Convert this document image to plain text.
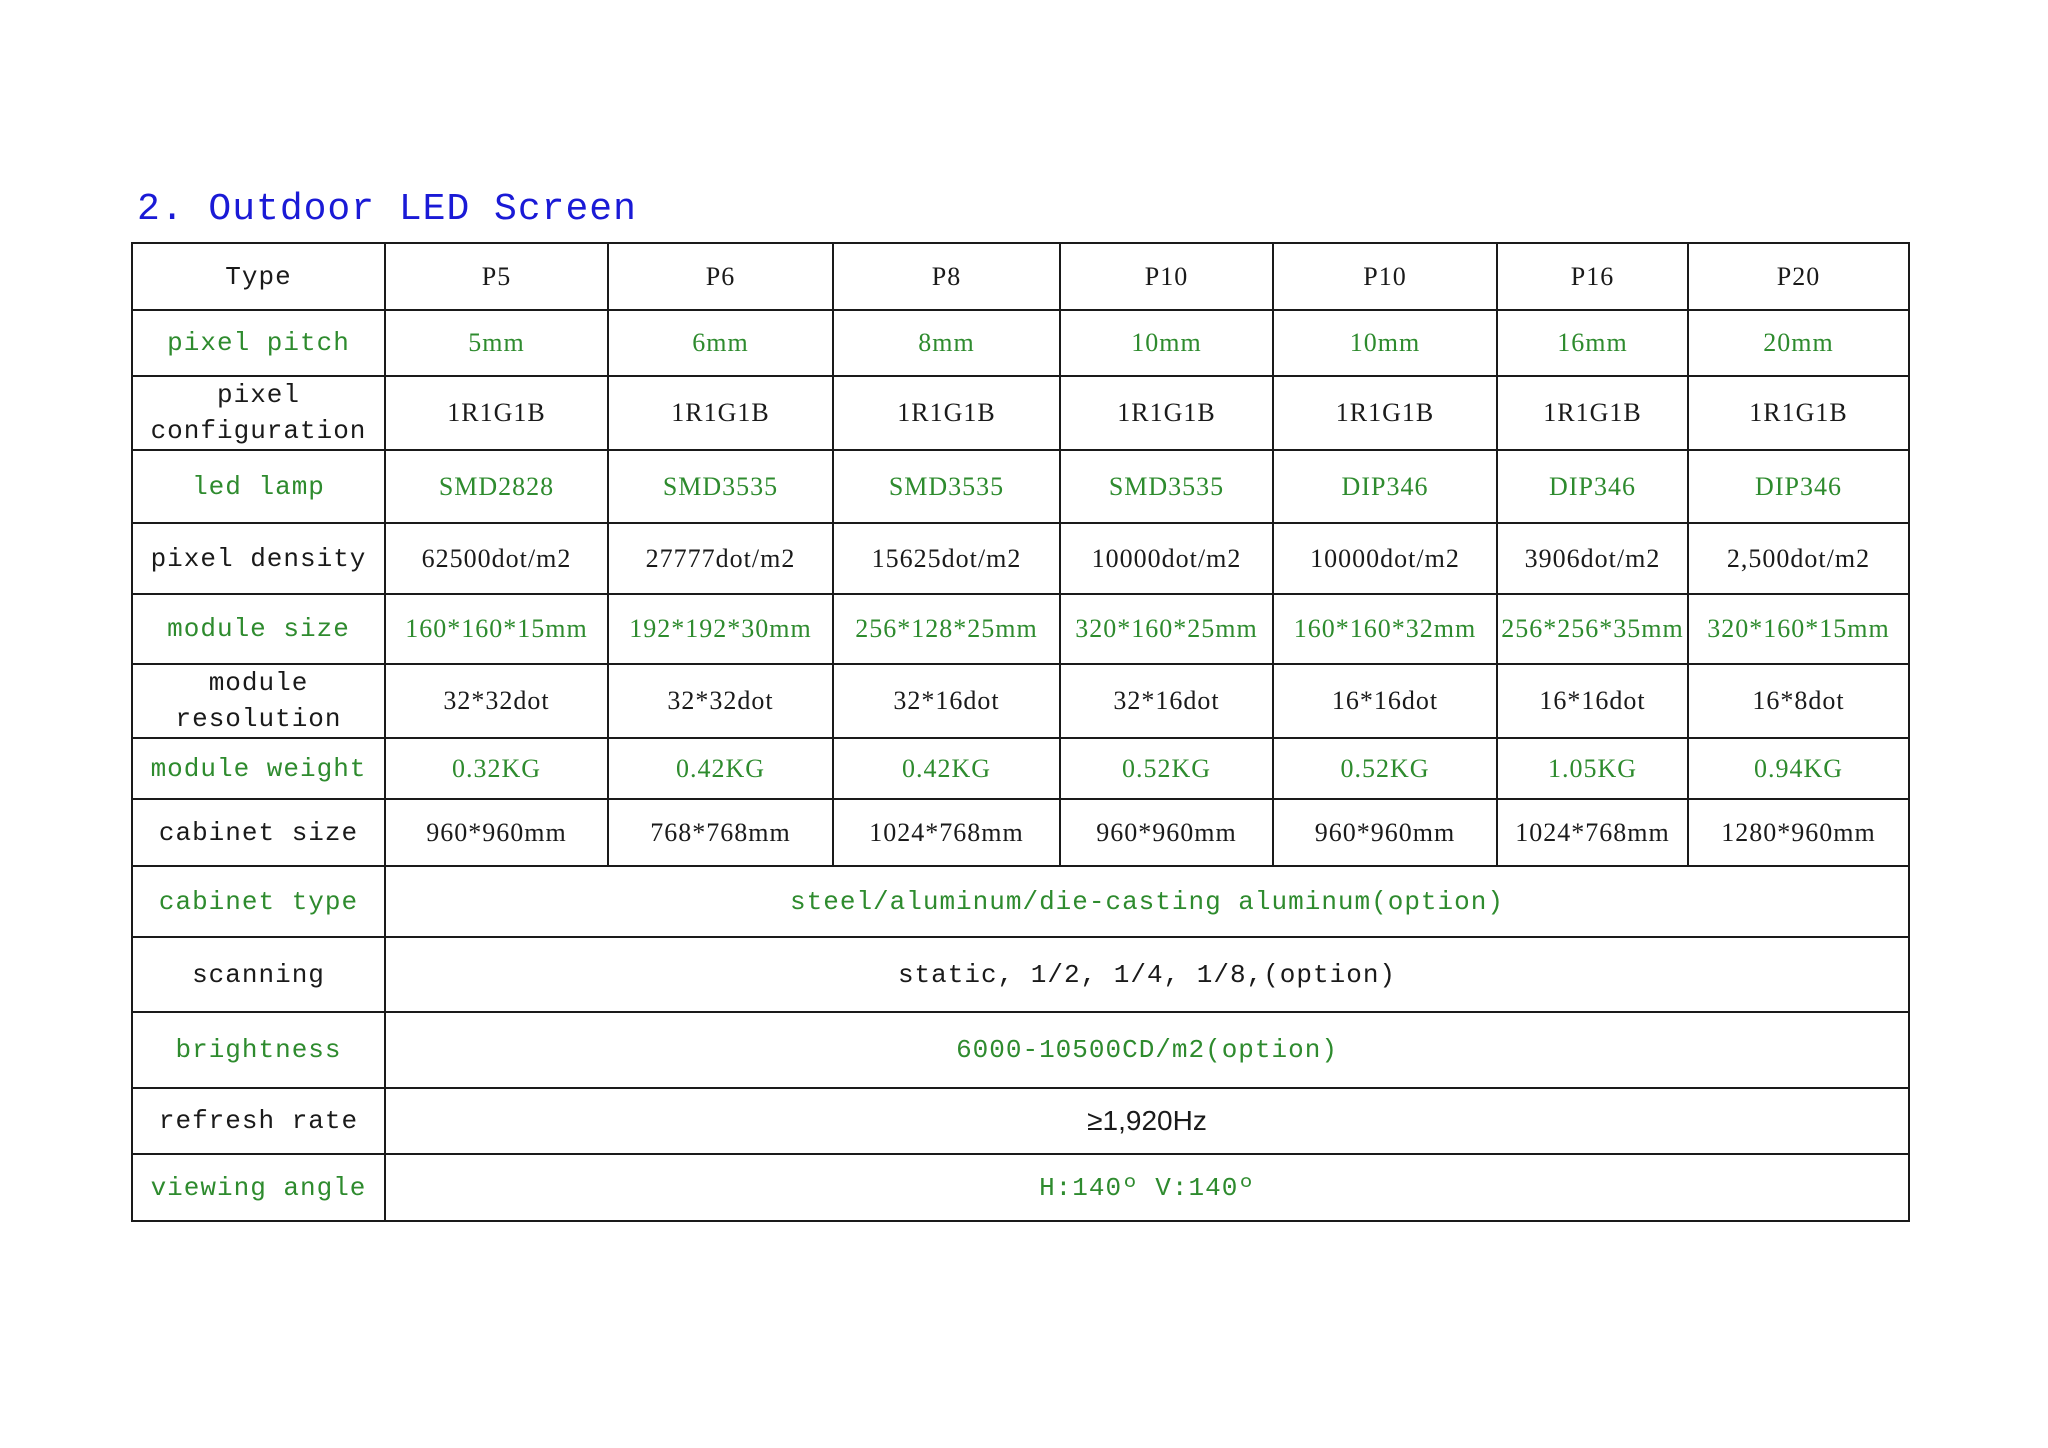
2. Outdoor LED Screen
Type	P5	P6	P8	P10	P10	P16	P20
pixel pitch	5mm	6mm	8mm	10mm	10mm	16mm	20mm
pixel configuration	1R1G1B	1R1G1B	1R1G1B	1R1G1B	1R1G1B	1R1G1B	1R1G1B
led lamp	SMD2828	SMD3535	SMD3535	SMD3535	DIP346	DIP346	DIP346
pixel density	62500dot/m2	27777dot/m2	15625dot/m2	10000dot/m2	10000dot/m2	3906dot/m2	2,500dot/m2
module size	160*160*15mm	192*192*30mm	256*128*25mm	320*160*25mm	160*160*32mm	256*256*35mm	320*160*15mm
module resolution	32*32dot	32*32dot	32*16dot	32*16dot	16*16dot	16*16dot	16*8dot
module weight	0.32KG	0.42KG	0.42KG	0.52KG	0.52KG	1.05KG	0.94KG
cabinet size	960*960mm	768*768mm	1024*768mm	960*960mm	960*960mm	1024*768mm	1280*960mm
cabinet type	steel/aluminum/die-casting aluminum(option)						
scanning	static, 1/2, 1/4, 1/8,(option)						
brightness	6000-10500CD/m2(option)						
refresh rate	≥1,920Hz						
viewing angle	H:140º V:140º						
